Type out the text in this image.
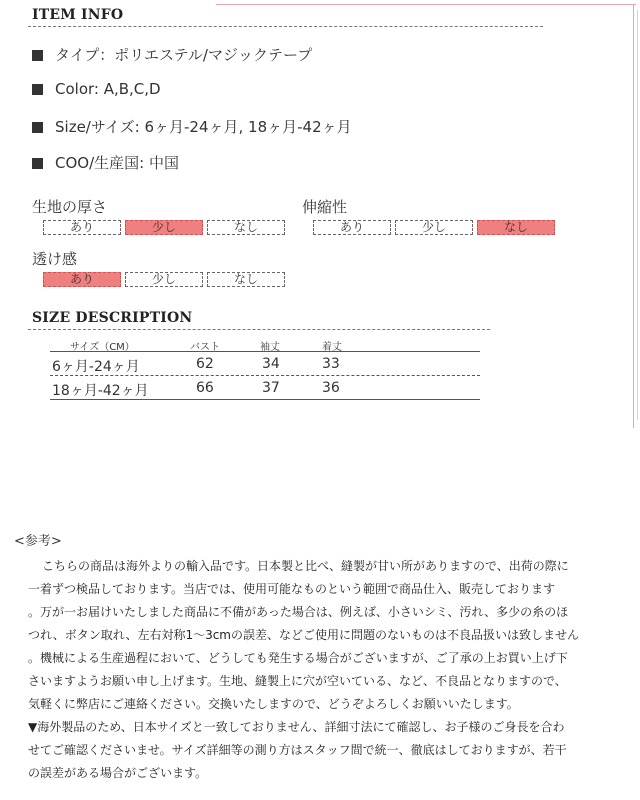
ITEM INFO
タイプ：ポリエステル/マジックテープ
Color: A,B,C,D
Size/サイズ: 6ヶ月-24ヶ月, 18ヶ月-42ヶ月
COO/生産国: 中国
生地の厚さ
あり	少し	なし
伸縮性
あり	少し	なし
透け感
あり	少し	なし
SIZE DESCRIPTION
サイズ（CM）	バスト	袖丈	着丈
6ヶ月-24ヶ月	62	34	33
18ヶ月-42ヶ月	66	37	36
<参考>
こちらの商品は海外よりの輸入品です。日本製と比べ、縫製が甘い所がありますので、出荷の際に
一着ずつ検品しております。当店では、使用可能なものという範囲で商品仕入、販売しております
。万が一お届けいたしました商品に不備があった場合は、例えば、小さいシミ、汚れ、多少の糸のほ
つれ、ボタン取れ、左右対称1～3cmの誤差、などご使用に問題のないものは不良品扱いは致しません
。機械による生産過程において、どうしても発生する場合がございますが、ご了承の上お買い上げ下
さいますようお願い申し上げます。生地、縫製上に穴が空いている、など、不良品となりますので、
気軽くに弊店にご連絡ください。交換いたしますので、どうぞよろしくお願いいたします。
▼海外製品のため、日本サイズと一致しておりません、詳細寸法にて確認し、お子様のご身長を合わ
せてご確認くださいませ。サイズ詳細等の測り方はスタッフ間で統一、徹底はしておりますが、若干
の誤差がある場合がございます。
